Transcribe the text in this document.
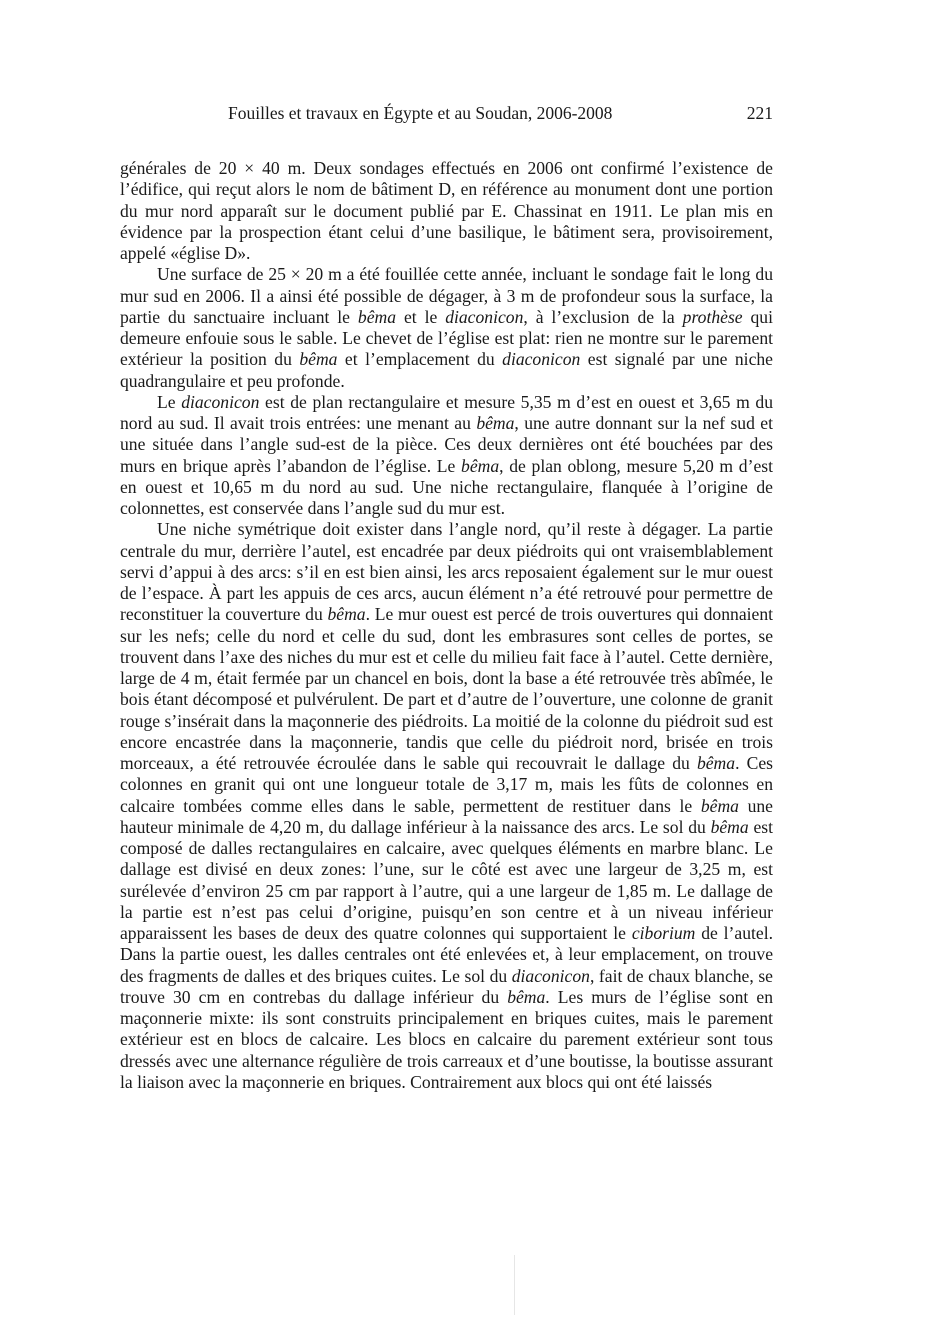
Fouilles et travaux en Égypte et au Soudan, 2006-2008	221

générales de 20 × 40 m. Deux sondages effectués en 2006 ont confirmé l’existence de l’édifice, qui reçut alors le nom de bâtiment D, en référence au monument dont une portion du mur nord apparaît sur le document publié par E. Chassinat en 1911. Le plan mis en évidence par la prospection étant celui d’une basilique, le bâtiment sera, provisoirement, appelé «église D».

Une surface de 25 × 20 m a été fouillée cette année, incluant le sondage fait le long du mur sud en 2006. Il a ainsi été possible de dégager, à 3 m de profondeur sous la surface, la partie du sanctuaire incluant le bêma et le diaconicon, à l’exclusion de la prothèse qui demeure enfouie sous le sable. Le chevet de l’église est plat: rien ne montre sur le parement extérieur la position du bêma et l’emplacement du diaconicon est signalé par une niche quadrangulaire et peu profonde.

Le diaconicon est de plan rectangulaire et mesure 5,35 m d’est en ouest et 3,65 m du nord au sud. Il avait trois entrées: une menant au bêma, une autre donnant sur la nef sud et une située dans l’angle sud-est de la pièce. Ces deux dernières ont été bouchées par des murs en brique après l’abandon de l’église. Le bêma, de plan oblong, mesure 5,20 m d’est en ouest et 10,65 m du nord au sud. Une niche rectangulaire, flanquée à l’origine de colonnettes, est conservée dans l’angle sud du mur est.

Une niche symétrique doit exister dans l’angle nord, qu’il reste à dégager. La partie centrale du mur, derrière l’autel, est encadrée par deux piédroits qui ont vraisemblablement servi d’appui à des arcs: s’il en est bien ainsi, les arcs reposaient également sur le mur ouest de l’espace. À part les appuis de ces arcs, aucun élément n’a été retrouvé pour permettre de reconstituer la couverture du bêma. Le mur ouest est percé de trois ouvertures qui donnaient sur les nefs; celle du nord et celle du sud, dont les embrasures sont celles de portes, se trouvent dans l’axe des niches du mur est et celle du milieu fait face à l’autel. Cette dernière, large de 4 m, était fermée par un chancel en bois, dont la base a été retrouvée très abîmée, le bois étant décomposé et pulvérulent. De part et d’autre de l’ouverture, une colonne de granit rouge s’insérait dans la maçonnerie des piédroits. La moitié de la colonne du piédroit sud est encore encastrée dans la maçonnerie, tandis que celle du piédroit nord, brisée en trois morceaux, a été retrouvée écroulée dans le sable qui recouvrait le dallage du bêma. Ces colonnes en granit qui ont une longueur totale de 3,17 m, mais les fûts de colonnes en calcaire tombées comme elles dans le sable, permettent de restituer dans le bêma une hauteur minimale de 4,20 m, du dallage inférieur à la naissance des arcs. Le sol du bêma est composé de dalles rectangulaires en calcaire, avec quelques éléments en marbre blanc. Le dallage est divisé en deux zones: l’une, sur le côté est avec une largeur de 3,25 m, est surélevée d’environ 25 cm par rapport à l’autre, qui a une largeur de 1,85 m. Le dallage de la partie est n’est pas celui d’origine, puisqu’en son centre et à un niveau inférieur apparaissent les bases de deux des quatre colonnes qui supportaient le ciborium de l’autel. Dans la partie ouest, les dalles centrales ont été enlevées et, à leur emplacement, on trouve des fragments de dalles et des briques cuites. Le sol du diaconicon, fait de chaux blanche, se trouve 30 cm en contrebas du dallage inférieur du bêma. Les murs de l’église sont en maçonnerie mixte: ils sont construits principalement en briques cuites, mais le parement extérieur est en blocs de calcaire. Les blocs en calcaire du parement extérieur sont tous dressés avec une alternance régulière de trois carreaux et d’une boutisse, la boutisse assurant la liaison avec la maçonnerie en briques. Contrairement aux blocs qui ont été laissés
